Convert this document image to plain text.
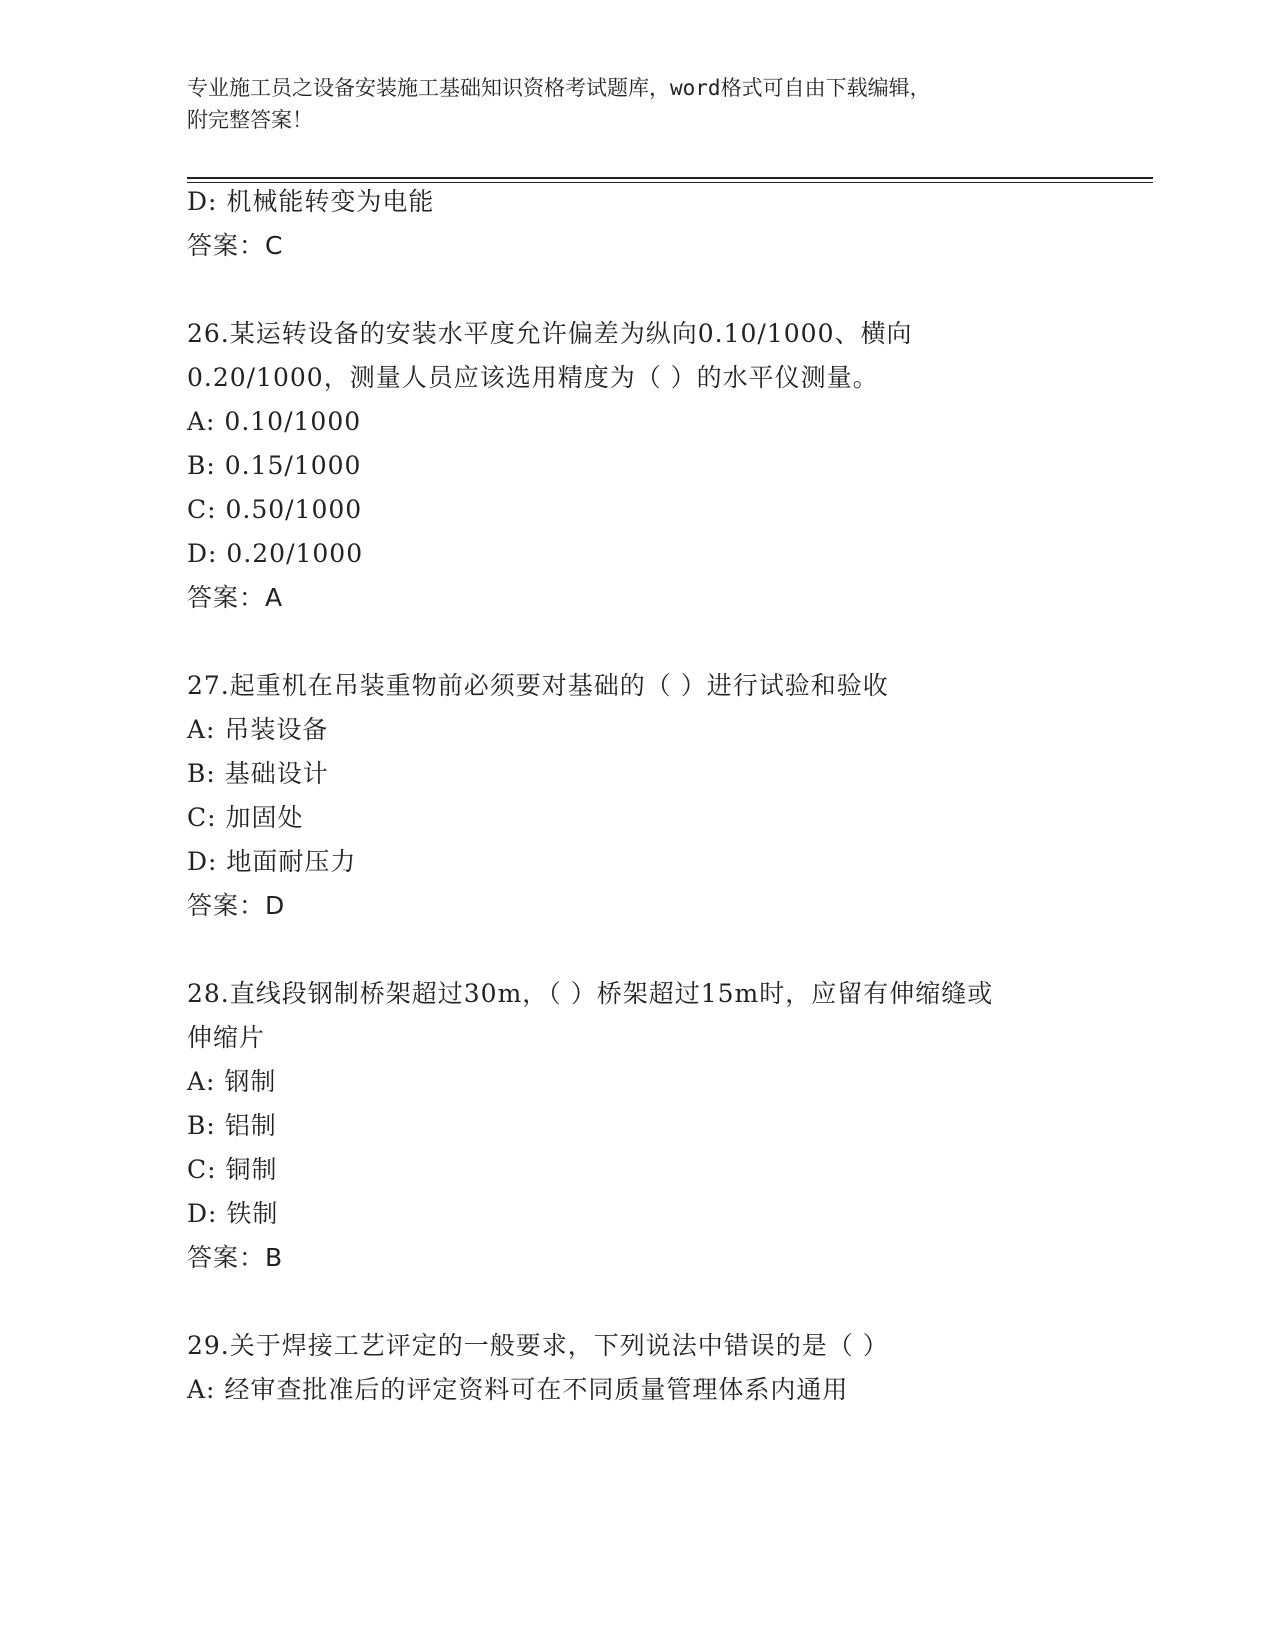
专业施工员之设备安装施工基础知识资格考试题库，word格式可自由下载编辑，
附完整答案！
D: 机械能转变为电能
答案：C
26.某运转设备的安装水平度允许偏差为纵向0.10/1000、横向
0.20/1000，测量人员应该选用精度为（ ）的水平仪测量。
A: 0.10/1000
B: 0.15/1000
C: 0.50/1000
D: 0.20/1000
答案：A
27.起重机在吊装重物前必须要对基础的（ ）进行试验和验收
A: 吊装设备
B: 基础设计
C: 加固处
D: 地面耐压力
答案：D
28.直线段钢制桥架超过30m，（ ）桥架超过15m时，应留有伸缩缝或
伸缩片
A: 钢制
B: 铝制
C: 铜制
D: 铁制
答案：B
29.关于焊接工艺评定的一般要求，下列说法中错误的是（ ）
A: 经审查批准后的评定资料可在不同质量管理体系内通用
